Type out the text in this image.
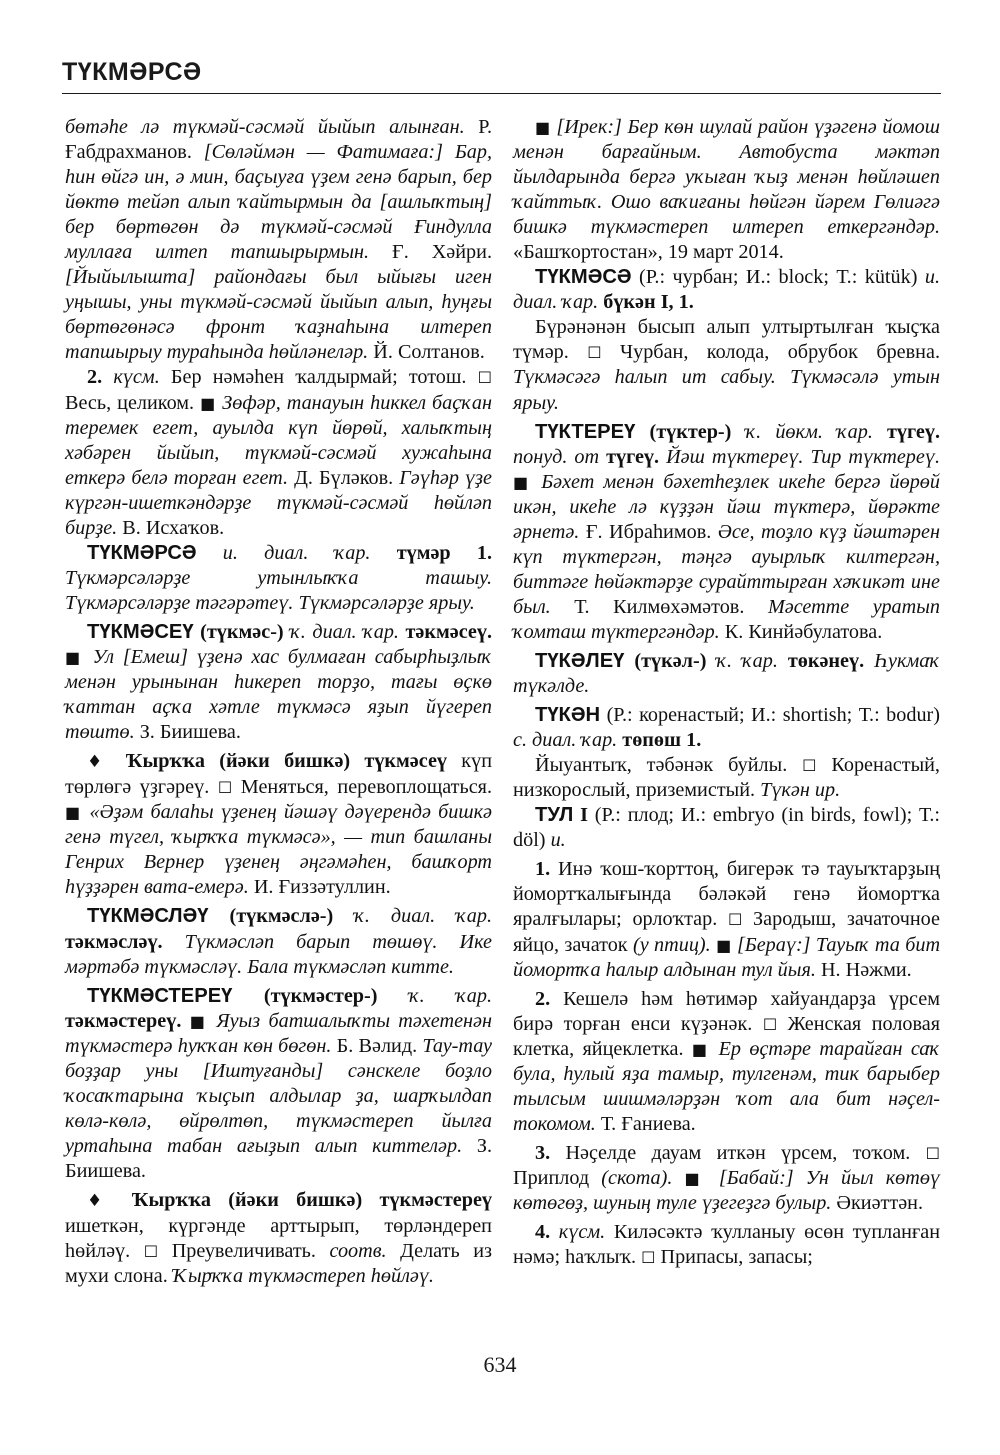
ТҮКМӘРСӘ

бөтәһе лә түкмәй-сәсмәй йыйып алынған. Р. Ғабдрахманов. [Сөләймән — Фатимаға:] Бар, һин өйгә ин, ә мин, баҫыуға үҙем генә барып, бер йөктө тейәп алып ҡайтырмын да [ашлыҡтың] бер бөртөгөн дә түкмәй-сәсмәй Ғиндулла муллаға илтеп тапшырырмын. Ғ. Хәйри. [Йыйылышта] райондағы был ыйығы иген уңышы, уны түкмәй-сәсмәй йыйып алып, һуңғы бөртөгөнәсә фронт ҡаҙнаһына илтереп тапшырыу тураһында һөйләнеләр. Й. Солтанов.

2. күсм. Бер нәмәһен ҡалдырмай; тотош. ☐ Весь, целиком. ■ Зөфәр, танауын һиккел баҫҡан теремек егет, ауылда күп йөрөй, халыҡтың хәбәрен йыйып, түкмәй-сәсмәй хужаһына еткерә белә торған егет. Д. Бүләков. Гәүһәр үҙе күргән-ишеткәндәрҙе түкмәй-сәсмәй һөйләп бирҙе. В. Исхаҡов.

ТҮКМӘРСӘ и. диал. ҡар. түмәр 1. Түкмәрсәләрҙе утынлыҡҡа ташыу. Түкмәрсәләрҙе тәгәрәтеү. Түкмәрсәләрҙе ярыу.

ТҮКМӘСЕҮ (түкмәс-) ҡ. диал. ҡар. тәкмәсеү. ■ Ул [Емеш] үҙенә хас булмаған сабырһыҙлыҡ менән урынынан һикереп торҙо, тағы өҫкө ҡаттан аҫҡа хәтле түкмәсә яҙып йүгереп төштө. З. Биишева.

♦ Ҡырҡҡа (йәки бишкә) түкмәсеү күп төрлөгә үҙгәреү. ☐ Меняться, перевоплощаться. ■ «Әҙәм балаһы үҙенең йәшәү дәүерендә бишкә генә түгел, ҡырҡҡа түкмәсә», — тип башланы Генрих Вернер үҙенең әңгәмәһен, башҡорт һүҙҙәрен вата-емерә. И. Ғиззәтуллин.

ТҮКМӘСЛӘҮ (түкмәслә-) ҡ. диал. ҡар. тәкмәсләү. Түкмәсләп барып төшөү. Ике мәртәбә түкмәсләү. Бала түкмәсләп китте.

ТҮКМӘСТЕРЕҮ (түкмәстер-) ҡ. ҡар. тәкмәстереү. ■ Яуыз батшалыҡты тәхетенән түкмәстерә һуҡҡан көн бөгөн. Б. Вәлид. Тау-тау боҙҙар уны [Иштуғанды] сәнскеле боҙло ҡосаҡтарына ҡыҫып алдылар ҙа, шарҡылдап көлә-көлә, өйрөлтөп, түкмәстереп йылға уртаһына табан ағыҙып алып киттеләр. З. Биишева.

♦ Ҡырҡҡа (йәки бишкә) түкмәстереү ишеткән, күргәнде арттырып, төрләндереп һөйләү. ☐ Преувеличивать. соотв. Делать из мухи слона. Ҡырҡҡа түкмәстереп һөйләү.

■ [Ирек:] Бер көн шулай район үҙәгенә йомош менән барғайным. Автобуста мәктәп йылдарында бергә уҡыған ҡыҙ менән һөйләшеп ҡайттыҡ. Ошо ваҡиғаны һөйгән йәрем Гөлиәгә бишкә түкмәстереп илтереп еткергәндәр. «Башҡортостан», 19 март 2014.

ТҮКМӘСӘ (Р.: чурбан; И.: block; Т.: kütük) и. диал. ҡар. бүкән I, 1.

Бүрәнәнән бысып алып ултыртылған ҡыҫҡа түмәр. ☐ Чурбан, колода, обрубок бревна. Түкмәсәгә һалып ит сабыу. Түкмәсәлә утын ярыу.

ТҮКТЕРЕҮ (түктер-) ҡ. йөкм. ҡар. түгеү. понуд. от түгеү. Йәш түктереү. Тир түктереү. ■ Бәхет менән бәхетһеҙлек икеһе бергә йөрөй икән, икеһе лә күҙҙән йәш түктерә, йөрәкте әрнетә. Ғ. Ибраһимов. Әсе, тоҙло күҙ йәштәрен күп түктергән, тәңгә ауырлыҡ килтергән, биттәге һөйәктәрҙе сурайттырған хәҡикәт ине был. Т. Килмөхәмәтов. Мәсетте уратып ҡомташ түктергәндәр. К. Кинйәбулатова.

ТҮКӘЛЕҮ (түкәл-) ҡ. ҡар. төкәнеү. Һукмаҡ түкәлде.

ТҮКӘН (Р.: коренастый; И.: shortish; Т.: bodur) с. диал. ҡар. төпөш 1.

Йыуантыҡ, тәбәнәк буйлы. ☐ Коренастый, низкорослый, приземистый. Түкән ир.

ТУЛ I (Р.: плод; И.: embryo (in birds, fowl); Т.: döl) и.

1. Инә ҡош-ҡорттоң, бигерәк тә тауыҡтарҙың йомортҡалығында бәләкәй генә йомортҡа яралғылары; орлоҡтар. ☐ Зародыш, зачаточное яйцо, зачаток (у птиц). ■ [Бераү:] Тауыҡ та бит йомортҡа һалыр алдынан тул йыя. Н. Нәжми.

2. Кешелә һәм һөтимәр хайуандарҙа үрсем бирә торған енси күҙәнәк. ☐ Женская половая клетка, яйцеклетка. ■ Ер өҫтәре тарайған саҡ була, һулый яҙа тамыр, тулгенәм, тик барыбер тылсым шишмәләрҙән ҡот ала бит нәҫел-токомом. Т. Ғаниева.

3. Нәҫелде дауам иткән үрсем, тоҡом. ☐ Приплод (скота). ■ [Бабай:] Ун йыл көтөү көтөгөҙ, шуның туле үҙегеҙгә булыр. Әкиәттән.

4. күсм. Киләсәктә ҡулланыу өсөн тупланған нәмә; һаҡлыҡ. ☐ Припасы, запасы;

634
